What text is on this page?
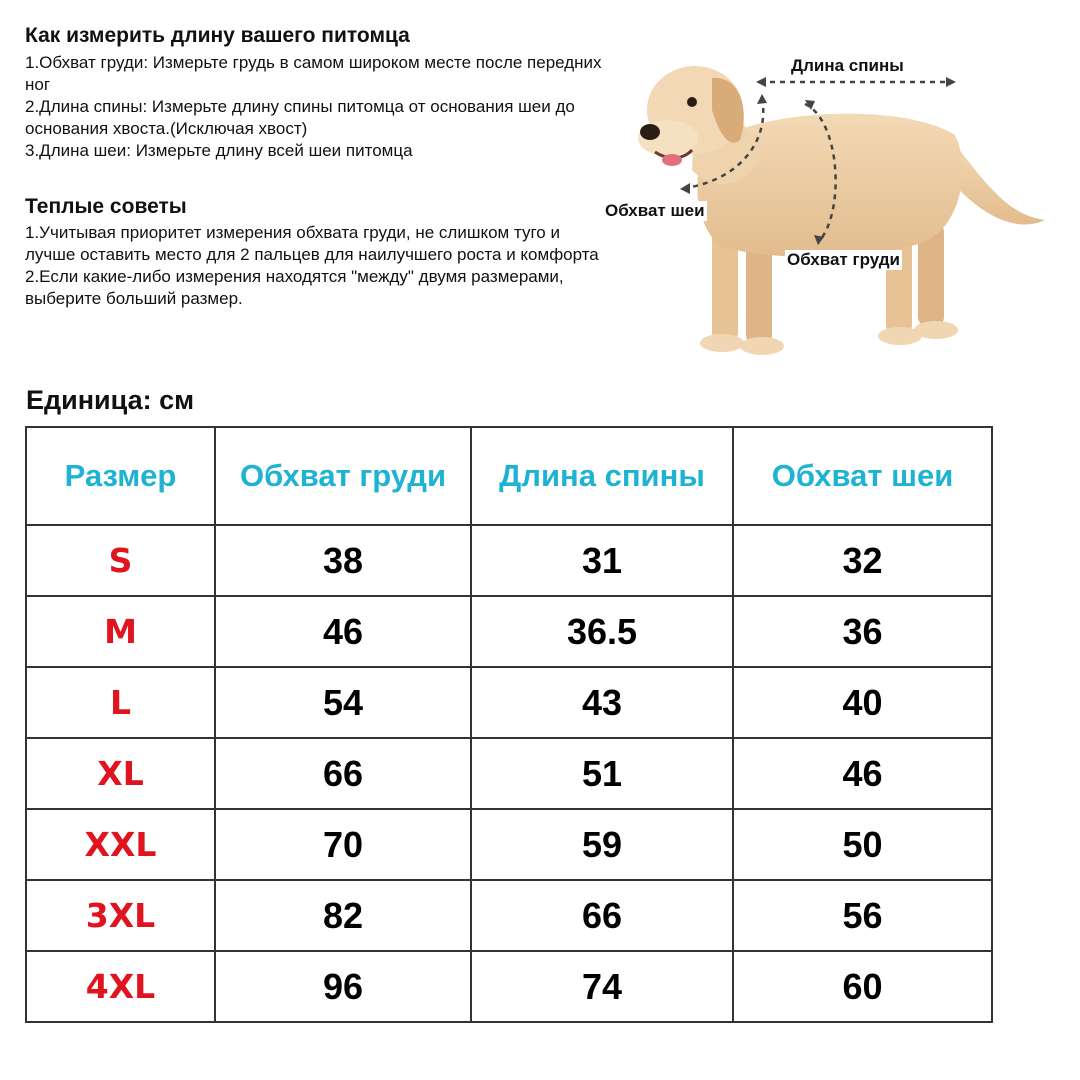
Как измерить длину вашего питомца
1.Обхват груди: Измерьте грудь в самом широком месте после передних ног
2.Длина спины: Измерьте длину спины питомца от основания шеи до основания хвоста.(Исключая хвост)
3.Длина шеи: Измерьте длину всей шеи питомца
Теплые советы
1.Учитывая приоритет измерения обхвата груди, не слишком туго и
лучше оставить место для 2 пальцев для наилучшего роста и комфорта
2.Если какие-либо измерения находятся "между" двумя размерами, выберите больший размер.
Длина спины
Обхват шеи
Обхват груди
Единица: см
Размер	Обхват груди	Длина спины	Обхват шеи
S	38	31	32
M	46	36.5	36
L	54	43	40
XL	66	51	46
XXL	70	59	50
3XL	82	66	56
4XL	96	74	60
